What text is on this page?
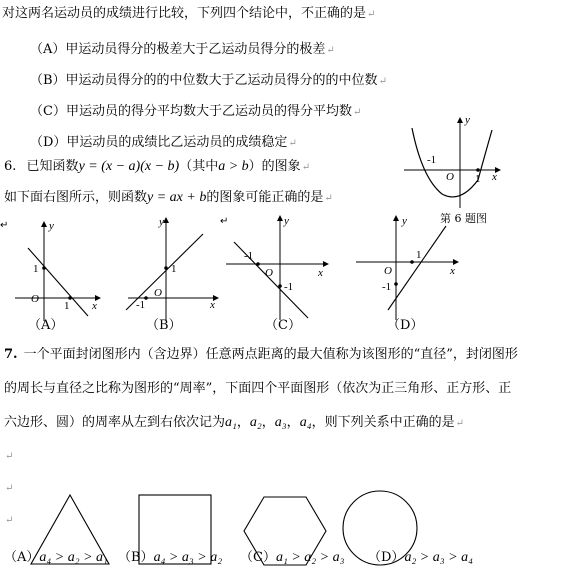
对这两名运动员的成绩进行比较，下列四个结论中，不正确的是↵
（A）甲运动员得分的极差大于乙运动员得分的极差↵
（B）甲运动员得分的的中位数大于乙运动员得分的的中位数↵
（C）甲运动员的得分平均数大于乙运动员的得分平均数↵
（D）甲运动员的成绩比乙运动员的成绩稳定↵
6. 已知函数y = (x − a)(x − b)（其中a > b）的图象↵
如下面右图所示，则函数y = ax + b的图象可能正确的是↵
y
x
O
-1
1
第 6 题图
↵	y
x
O
1
1
（A）
y
x
O
1
-1
（B）
↵	y
x
O
-1
-1
（C）
y
x
O
1
-1
（D）
7. 一个平面封闭图形内（含边界）任意两点距离的最大值称为该图形的“直径”，封闭图形
的周长与直径之比称为图形的“周率”，下面四个平面图形（依次为正三角形、正方形、正
六边形、圆）的周率从左到右依次记为a₁，a₂，a₃，a₄，则下列关系中正确的是↵
↵
↵
↵
（A）a₄ > a₂ > a₁ （B）a₄ > a₃ > a₂ （C）a₁ > a₂ > a₃ （D）a₂ > a₃ > a₄
